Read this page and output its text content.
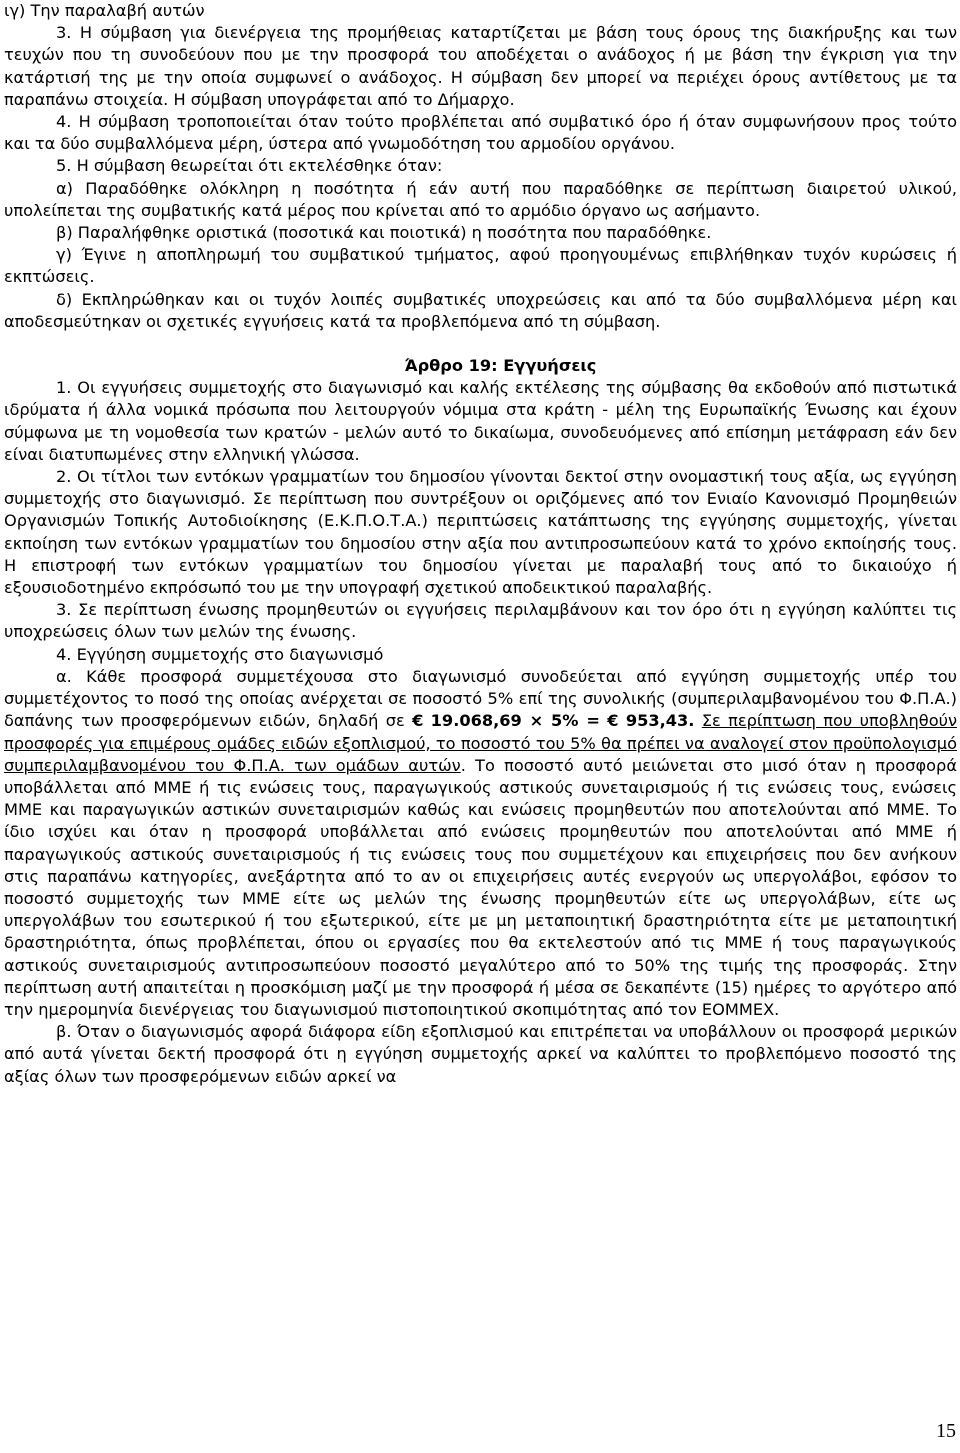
ιγ) Την παραλαβή αυτών

3. Η σύμβαση για διενέργεια της προμήθειας καταρτίζεται με βάση τους όρους της διακήρυξης και των τευχών που τη συνοδεύουν που με την προσφορά του αποδέχεται ο ανάδοχος ή με βάση την έγκριση για την κατάρτισή της με την οποία συμφωνεί ο ανάδοχος. Η σύμβαση δεν μπορεί να περιέχει όρους αντίθετους με τα παραπάνω στοιχεία. Η σύμβαση υπογράφεται από το Δήμαρχο.

4. Η σύμβαση τροποποιείται όταν τούτο προβλέπεται από συμβατικό όρο ή όταν συμφωνήσουν προς τούτο και τα δύο συμβαλλόμενα μέρη, ύστερα από γνωμοδότηση του αρμοδίου οργάνου.

5. Η σύμβαση θεωρείται ότι εκτελέσθηκε όταν:

α) Παραδόθηκε ολόκληρη η ποσότητα ή εάν αυτή που παραδόθηκε σε περίπτωση διαιρετού υλικού, υπολείπεται της συμβατικής κατά μέρος που κρίνεται από το αρμόδιο όργανο ως ασήμαντο.

β) Παραλήφθηκε οριστικά (ποσοτικά και ποιοτικά) η ποσότητα που παραδόθηκε.

γ) Έγινε η αποπληρωμή του συμβατικού τμήματος, αφού προηγουμένως επιβλήθηκαν τυχόν κυρώσεις ή εκπτώσεις.

δ) Εκπληρώθηκαν και οι τυχόν λοιπές συμβατικές υποχρεώσεις και από τα δύο συμβαλλόμενα μέρη και αποδεσμεύτηκαν οι σχετικές εγγυήσεις κατά τα προβλεπόμενα από τη σύμβαση.

Άρθρο 19: Εγγυήσεις

1. Οι εγγυήσεις συμμετοχής στο διαγωνισμό και καλής εκτέλεσης της σύμβασης θα εκδοθούν από πιστωτικά ιδρύματα ή άλλα νομικά πρόσωπα που λειτουργούν νόμιμα στα κράτη - μέλη της Ευρωπαϊκής Ένωσης και έχουν σύμφωνα με τη νομοθεσία των κρατών - μελών αυτό το δικαίωμα, συνοδευόμενες από επίσημη μετάφραση εάν δεν είναι διατυπωμένες στην ελληνική γλώσσα.

2. Οι τίτλοι των εντόκων γραμματίων του δημοσίου γίνονται δεκτοί στην ονομαστική τους αξία, ως εγγύηση συμμετοχής στο διαγωνισμό. Σε περίπτωση που συντρέξουν οι οριζόμενες από τον Ενιαίο Κανονισμό Προμηθειών Οργανισμών Τοπικής Αυτοδιοίκησης (Ε.Κ.Π.Ο.Τ.Α.) περιπτώσεις κατάπτωσης της εγγύησης συμμετοχής, γίνεται εκποίηση των εντόκων γραμματίων του δημοσίου στην αξία που αντιπροσωπεύουν κατά το χρόνο εκποίησής τους. Η επιστροφή των εντόκων γραμματίων του δημοσίου γίνεται με παραλαβή τους από το δικαιούχο ή εξουσιοδοτημένο εκπρόσωπό του με την υπογραφή σχετικού αποδεικτικού παραλαβής.

3. Σε περίπτωση ένωσης προμηθευτών οι εγγυήσεις περιλαμβάνουν και τον όρο ότι η εγγύηση καλύπτει τις υποχρεώσεις όλων των μελών της ένωσης.

4. Εγγύηση συμμετοχής στο διαγωνισμό

α. Κάθε προσφορά συμμετέχουσα στο διαγωνισμό συνοδεύεται από εγγύηση συμμετοχής υπέρ του συμμετέχοντος το ποσό της οποίας ανέρχεται σε ποσοστό 5% επί της συνολικής (συμπεριλαμβανομένου του Φ.Π.Α.) δαπάνης των προσφερόμενων ειδών, δηλαδή σε € 19.068,69 × 5% = € 953,43. Σε περίπτωση που υποβληθούν προσφορές για επιμέρους ομάδες ειδών εξοπλισμού, το ποσοστό του 5% θα πρέπει να αναλογεί στον προϋπολογισμό συμπεριλαμβανομένου του Φ.Π.Α. των ομάδων αυτών. Το ποσοστό αυτό μειώνεται στο μισό όταν η προσφορά υποβάλλεται από ΜΜΕ ή τις ενώσεις τους, παραγωγικούς αστικούς συνεταιρισμούς ή τις ενώσεις τους, ενώσεις ΜΜΕ και παραγωγικών αστικών συνεταιρισμών καθώς και ενώσεις προμηθευτών που αποτελούνται από ΜΜΕ. Το ίδιο ισχύει και όταν η προσφορά υποβάλλεται από ενώσεις προμηθευτών που αποτελούνται από ΜΜΕ ή παραγωγικούς αστικούς συνεταιρισμούς ή τις ενώσεις τους που συμμετέχουν και επιχειρήσεις που δεν ανήκουν στις παραπάνω κατηγορίες, ανεξάρτητα από το αν οι επιχειρήσεις αυτές ενεργούν ως υπεργολάβοι, εφόσον το ποσοστό συμμετοχής των ΜΜΕ είτε ως μελών της ένωσης προμηθευτών είτε ως υπεργολάβων, είτε ως υπεργολάβων του εσωτερικού ή του εξωτερικού, είτε με μη μεταποιητική δραστηριότητα είτε με μεταποιητική δραστηριότητα, όπως προβλέπεται, όπου οι εργασίες που θα εκτελεστούν από τις ΜΜΕ ή τους παραγωγικούς αστικούς συνεταιρισμούς αντιπροσωπεύουν ποσοστό μεγαλύτερο από το 50% της τιμής της προσφοράς. Στην περίπτωση αυτή απαιτείται η προσκόμιση μαζί με την προσφορά ή μέσα σε δεκαπέντε (15) ημέρες το αργότερο από την ημερομηνία διενέργειας του διαγωνισμού πιστοποιητικού σκοπιμότητας από τον ΕΟΜΜΕΧ.

β. Όταν ο διαγωνισμός αφορά διάφορα είδη εξοπλισμού και επιτρέπεται να υποβάλλουν οι προσφορά μερικών από αυτά γίνεται δεκτή προσφορά ότι η εγγύηση συμμετοχής αρκεί να καλύπτει το προβλεπόμενο ποσοστό της αξίας όλων των προσφερόμενων ειδών αρκεί να

15
